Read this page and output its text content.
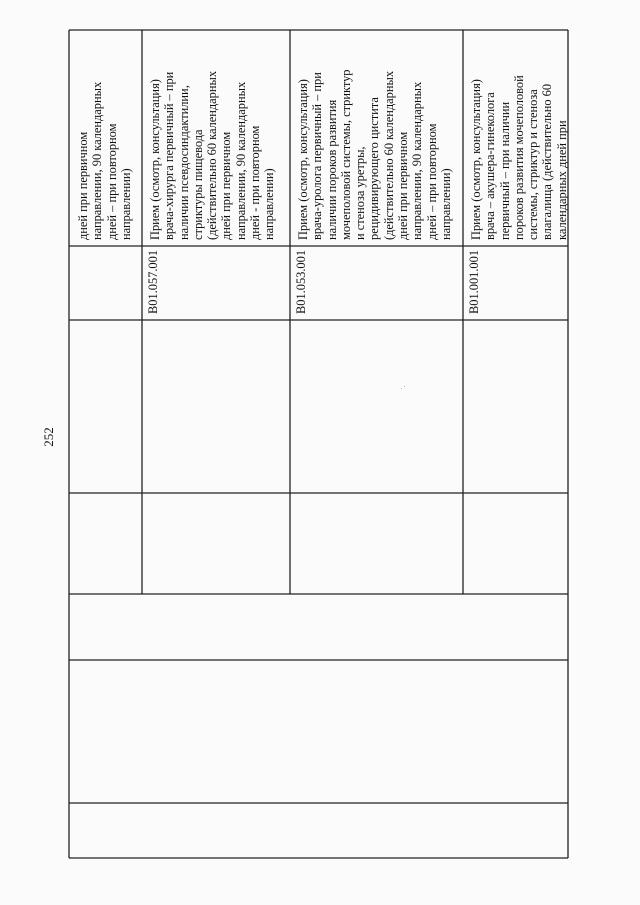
252
дней при первичном
направлении, 90 календарных
дней – при повторном
направлении)
B01.057.001
Прием (осмотр, консультация)
врача-хирурга первичный – при
наличии псевдосиндактилии,
стриктуры пищевода
(действительно 60 календарных
дней при первичном
направлении, 90 календарных
дней - при повторном
направлении)
B01.053.001
Прием (осмотр, консультация)
врача-уролога первичный – при
наличии пороков развития
мочеполовой системы, стриктур
и стеноза уретры,
рецидивирующего цистита
(действительно 60 календарных
дней при первичном
направлении, 90 календарных
дней – при повторном
направлении)
B01.001.001
Прием (осмотр, консультация)
врача – акушера-гинеколога
первичный – при наличии
пороков развития мочеполовой
системы, стриктур и стеноза
влагалища (действительно 60
календарных дней при
